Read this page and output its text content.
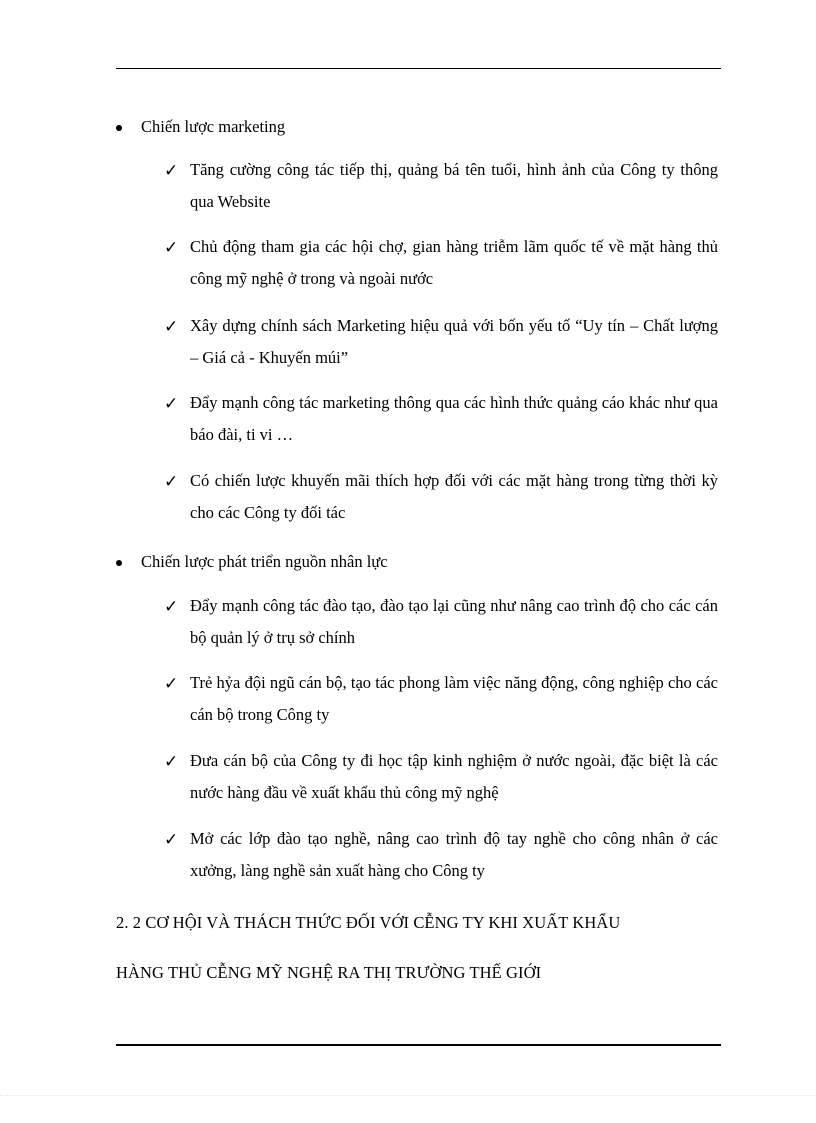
Chiến lược marketing
✓ Tăng cường công tác tiếp thị, quảng bá tên tuổi, hình ảnh của Công ty thông qua Website
✓ Chủ động tham gia các hội chợ, gian hàng triễm lãm quốc tế về mặt hàng thủ công mỹ nghệ ở trong và ngoài nước
✓ Xây dựng chính sách Marketing hiệu quả với bốn yếu tố “Uy tín – Chất lượng – Giá cả - Khuyến múi”
✓ Đẩy mạnh công tác marketing thông qua các hình thức quảng cáo khác như qua báo đài, ti vi …
✓ Có chiến lược khuyến mãi thích hợp đối với các mặt hàng trong từng thời kỳ cho các Công ty đối tác
Chiến lược phát triển nguồn nhân lực
✓ Đẩy mạnh công tác đào tạo, đào tạo lại cũng như nâng cao trình độ cho các cán bộ quản lý ở trụ sở chính
✓ Trẻ hỷa đội ngũ cán bộ, tạo tác phong làm việc năng động, công nghiệp cho các cán bộ trong Công ty
✓ Đưa cán bộ của Công ty đi học tập kinh nghiệm ở nước ngoài, đặc biệt là các nước hàng đầu về xuất khẩu thủ công mỹ nghệ
✓ Mở các lớp đào tạo nghề, nâng cao trình độ tay nghề cho công nhân ở các xưởng, làng nghề sản xuất hàng cho Công ty
2. 2 CƠ HỘI VÀ THÁCH THỨC ĐỐI VỚI CỄNG TY KHI XUẤT KHẨU
HÀNG THỦ CỄNG MỸ NGHỆ RA THỊ TRƯỜNG THẾ GIỚI
